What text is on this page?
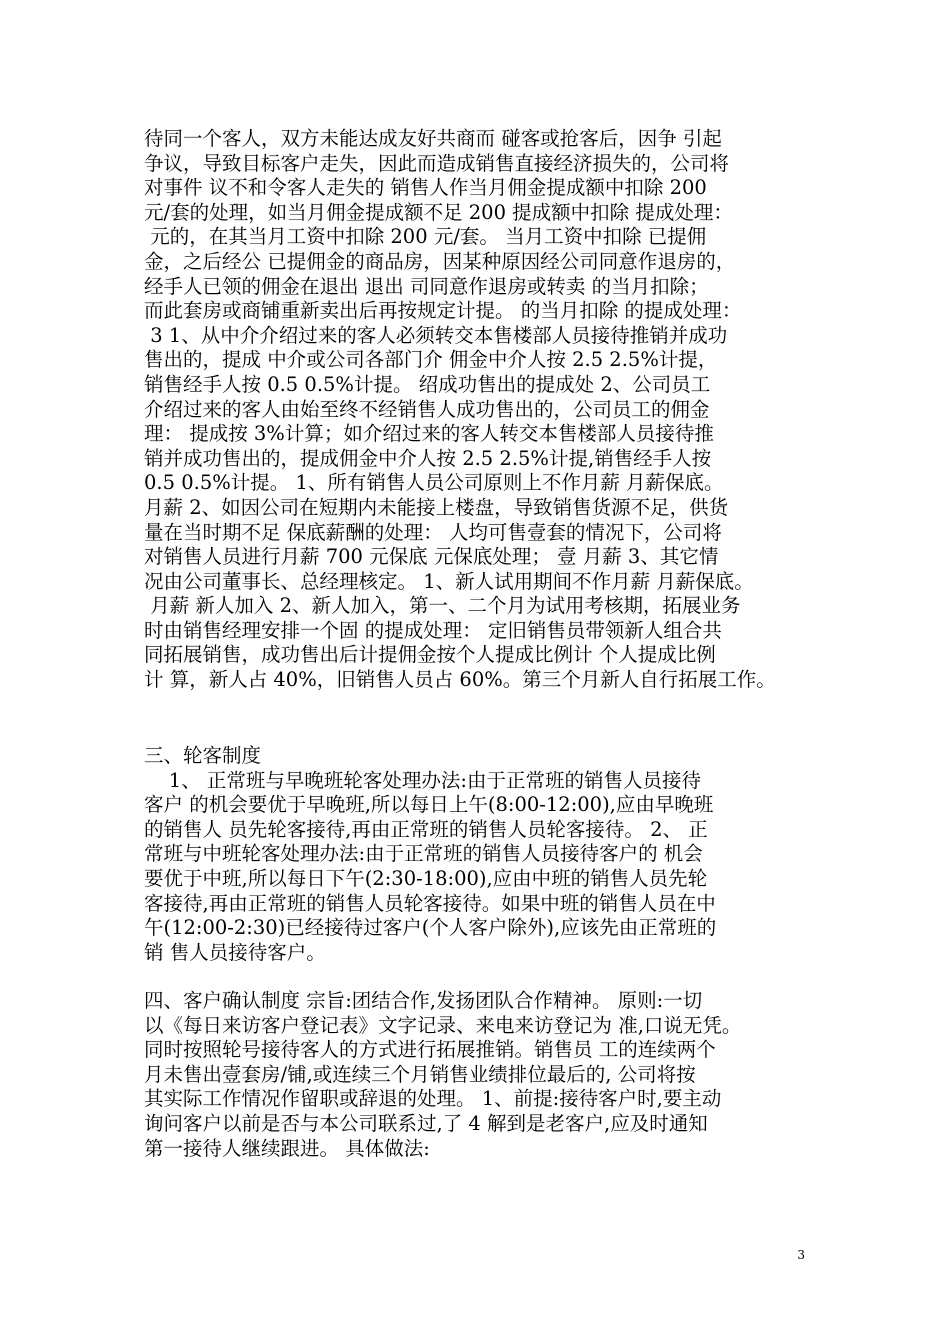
待同一个客人，双方未能达成友好共商而 碰客或抢客后，因争 引起
争议，导致目标客户走失，因此而造成销售直接经济损失的，公司将
对事件 议不和令客人走失的 销售人作当月佣金提成额中扣除 200
元/套的处理，如当月佣金提成额不足 200 提成额中扣除 提成处理：
元的，在其当月工资中扣除 200 元/套。 当月工资中扣除 已提佣
金，之后经公 已提佣金的商品房，因某种原因经公司同意作退房的，
经手人已领的佣金在退出 退出 司同意作退房或转卖 的当月扣除；
而此套房或商铺重新卖出后再按规定计提。 的当月扣除 的提成处理：
3 1、从中介介绍过来的客人必须转交本售楼部人员接待推销并成功
售出的，提成 中介或公司各部门介 佣金中介人按 2.5 2.5%计提，
销售经手人按 0.5 0.5%计提。 绍成功售出的提成处 2、公司员工
介绍过来的客人由始至终不经销售人成功售出的，公司员工的佣金
理： 提成按 3%计算；如介绍过来的客人转交本售楼部人员接待推
销并成功售出的，提成佣金中介人按 2.5 2.5%计提,销售经手人按
0.5 0.5%计提。 1、所有销售人员公司原则上不作月薪 月薪保底。
月薪 2、如因公司在短期内未能接上楼盘，导致销售货源不足，供货
量在当时期不足 保底薪酬的处理： 人均可售壹套的情况下，公司将
对销售人员进行月薪 700 元保底 元保底处理； 壹 月薪 3、其它情
况由公司董事长、总经理核定。 1、新人试用期间不作月薪 月薪保底。
月薪 新人加入 2、新人加入，第一、二个月为试用考核期，拓展业务
时由销售经理安排一个固 的提成处理： 定旧销售员带领新人组合共
同拓展销售，成功售出后计提佣金按个人提成比例计 个人提成比例
计 算，新人占 40%，旧销售人员占 60%。第三个月新人自行拓展工作。
三、轮客制度
1、 正常班与早晚班轮客处理办法:由于正常班的销售人员接待
客户 的机会要优于早晚班,所以每日上午(8:00-12:00),应由早晚班
的销售人 员先轮客接待,再由正常班的销售人员轮客接待。 2、 正
常班与中班轮客处理办法:由于正常班的销售人员接待客户的 机会
要优于中班,所以每日下午(2:30-18:00),应由中班的销售人员先轮
客接待,再由正常班的销售人员轮客接待。如果中班的销售人员在中
午(12:00-2:30)已经接待过客户(个人客户除外),应该先由正常班的
销 售人员接待客户。
四、客户确认制度 宗旨:团结合作,发扬团队合作精神。 原则:一切
以《每日来访客户登记表》文字记录、来电来访登记为 准,口说无凭。
同时按照轮号接待客人的方式进行拓展推销。销售员 工的连续两个
月未售出壹套房/铺,或连续三个月销售业绩排位最后的, 公司将按
其实际工作情况作留职或辞退的处理。 1、前提:接待客户时,要主动
询问客户以前是否与本公司联系过,了 4 解到是老客户,应及时通知
第一接待人继续跟进。 具体做法:
3
